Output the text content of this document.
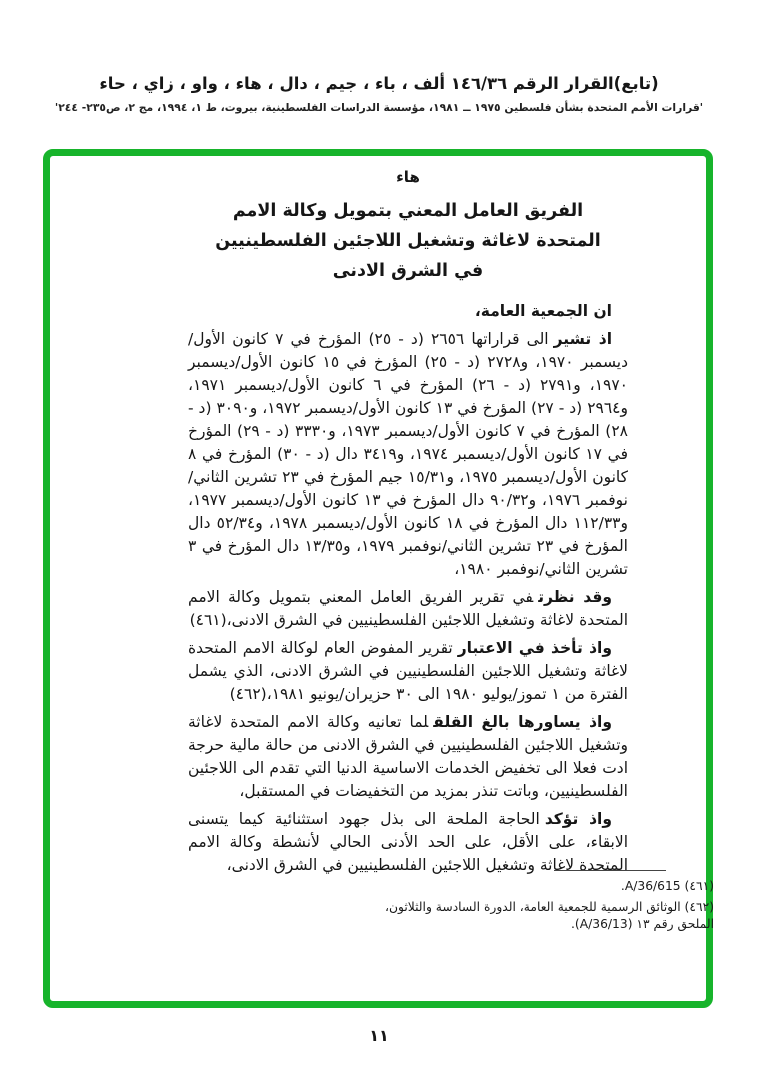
(تابع)القرار الرقم ١٤٦/٣٦ ألف ، باء ، جيم ، دال ، هاء ، واو ، زاي ، حاء
'قرارات الأمم المتحدة بشأن فلسطين ١٩٧٥ ــ ١٩٨١، مؤسسة الدراسات الفلسطينية، بيروت، ط ١، ١٩٩٤، مج ٢، ص٢٣٥- ٢٤٤'
هاء
الفريق العامل المعني بتمويل وكالة الامم
المتحدة لاغاثة وتشغيل اللاجئين الفلسطينيين
في الشرق الادنى

ان الجمعية العامة،

اذ تشيرالى قراراتها ٢٦٥٦ (د - ٢٥) المؤرخ في ٧ كانون الأول/ديسمبر ١٩٧٠، و٢٧٢٨ (د - ٢٥) المؤرخ في ١٥ كانون الأول/ديسمبر ١٩٧٠، و٢٧٩١ (د - ٢٦) المؤرخ في ٦ كانون الأول/ديسمبر ١٩٧١، و٢٩٦٤ (د - ٢٧) المؤرخ في ١٣ كانون الأول/ديسمبر ١٩٧٢، و٣٠٩٠ (د - ٢٨) المؤرخ في ٧ كانون الأول/ديسمبر ١٩٧٣، و٣٣٣٠ (د - ٢٩) المؤرخ في ١٧ كانون الأول/ديسمبر ١٩٧٤، و٣٤١٩ دال (د - ٣٠) المؤرخ في ٨ كانون الأول/ديسمبر ١٩٧٥، و١٥/٣١ جيم المؤرخ في ٢٣ تشرين الثاني/نوفمبر ١٩٧٦، و٩٠/٣٢ دال المؤرخ في ١٣ كانون الأول/ديسمبر ١٩٧٧، و١١٢/٣٣ دال المؤرخ في ١٨ كانون الأول/ديسمبر ١٩٧٨، و٥٢/٣٤ دال المؤرخ في ٢٣ تشرين الثاني/نوفمبر ١٩٧٩، و١٣/٣٥ دال المؤرخ في ٣ تشرين الثاني/نوفمبر ١٩٨٠،

وقد نظرتفي تقرير الفريق العامل المعني بتمويل وكالة الامم المتحدة لاغاثة وتشغيل اللاجئين الفلسطينيين في الشرق الادنى،(٤٦١)

واذ تأخذ في الاعتبارتقرير المفوض العام لوكالة الامم المتحدة لاغاثة وتشغيل اللاجئين الفلسطينيين في الشرق الادنى، الذي يشمل الفترة من ١ تموز/يوليو ١٩٨٠ الى ٣٠ حزيران/يونيو ١٩٨١،(٤٦٢)

واذ يساورها بالغ القلقلما تعانيه وكالة الامم المتحدة لاغاثة وتشغيل اللاجئين الفلسطينيين في الشرق الادنى من حالة مالية حرجة ادت فعلا الى تخفيض الخدمات الاساسية الدنيا التي تقدم الى اللاجئين الفلسطينيين، وباتت تنذر بمزيد من التخفيضات في المستقبل،

واذ تؤكدالحاجة الملحة الى بذل جهود استثنائية كيما يتسنى الابقاء، على الأقل، على الحد الأدنى الحالي لأنشطة وكالة الامم المتحدة لاغاثة وتشغيل اللاجئين الفلسطينيين في الشرق الادنى،

(٤٦١) A/36/615.

(٤٦٢) الوثائق الرسمية للجمعية العامة، الدورة السادسة والثلاثون، الملحق رقم ١٣ (A/36/13).

١١
